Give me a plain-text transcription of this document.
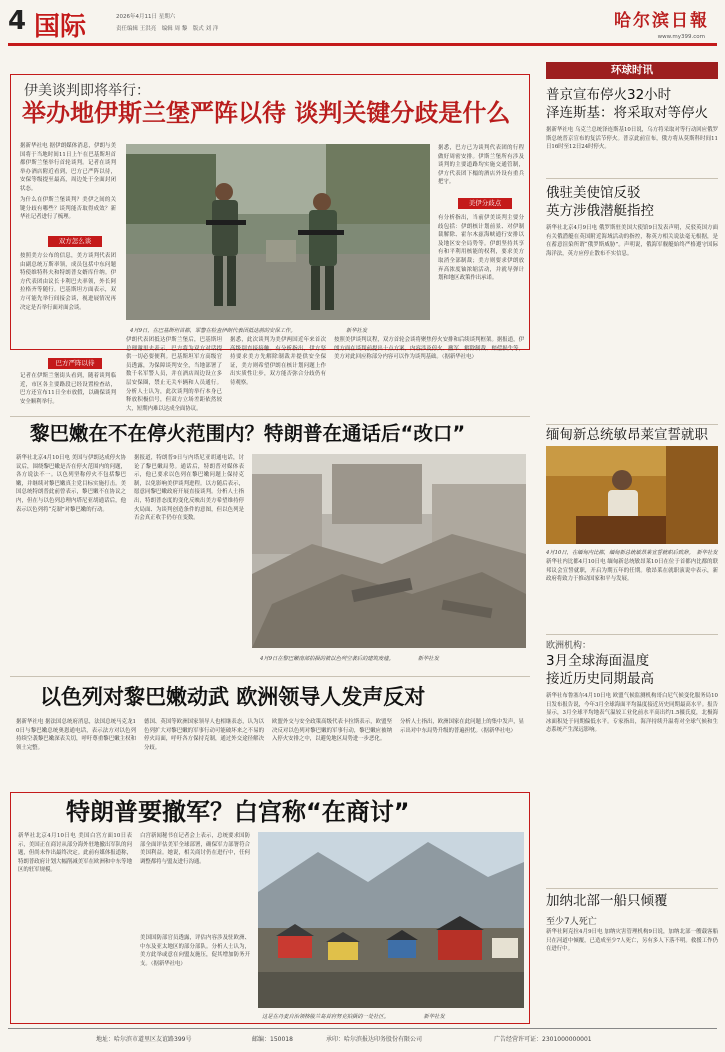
4 国际	2026年4月11日 星期六
责任编辑 王洪亮　编辑 周 黎　版式 刘 洋	哈尔滨日報
www.my399.com
伊美谈判即将举行：
举办地伊斯兰堡严阵以待 谈判关键分歧是什么
据新华社电 据伊朗媒体消息，伊朗与美国将于当地时间11日上午在巴基斯坦首都伊斯兰堡举行首轮谈判。记者在谈判举办酒店附近看到，巴方已严阵以待，安保等级提至最高，周边处于全面封闭状态。
为什么在伊斯兰堡谈判？美伊之间的关键分歧有哪些？谈判能否取得成效？新华社记者进行了梳理。
双方怎么谈
按照美方公布的信息，美方谈判代表团由副总统万斯率领，成员包括中东问题特使维特科夫和特朗普女婿库什纳。伊方代表团由议长卡利巴夫率领，外长阿拉格齐等随行。巴基斯坦方面表示，双方可能先举行间接会谈，视进展情况再决定是否举行面对面会谈。
4月9日，在巴基斯坦首都，军警在检查伊朗代表团抵达前的安保工作。　　　　　　　　　　新华社发
巴方严阵以待
记者在伊斯兰堡街头看到，随着谈判临近，市区各主要路段已经设置检查站，巴方还宣布11日全市放假，以确保谈判安全顺利举行。
伊朗代表团抵达伊斯兰堡后，巴基斯坦总理谢里夫表示，巴方将为双方对话提供一切必要便利。巴基斯坦军方高级官员透露，为保障谈判安全，当地部署了数千名军警人员，并在酒店周边设立多层安保圈，禁止无关车辆和人员通行。分析人士认为，此次谈判的举行本身已释放积极信号，但双方立场差距依然较大，短期内难以达成全面协议。
据悉，此次谈判为美伊两国近年来首次高级别直接接触。有分析指出，伊方坚持要求美方先解除制裁并提供安全保证，美方则希望伊朗在核计划问题上作出实质性让步，双方能否弥合分歧仍有待观察。
据悉，巴方已为谈判代表团的行程做好周密安排。伊斯兰堡所有涉及谈判的主要道路均实施交通管制，伊方代表团下榻的酒店外设有重兵把守。
美伊分歧点
有分析指出，当前伊美谈判主要分歧包括：伊朗核计划前景、对伊制裁解除、霍尔木兹海峡通行安排以及地区安全局势等。伊朗坚持其享有和平利用核能的权利，要求美方取消全部制裁；美方则要求伊朗放弃高浓度铀浓缩活动，并就导弹计划和地区政策作出承诺。
按照美伊谈判议程，双方首轮会谈将聚焦停火安排和后续谈判框架。据报道，伊朗方面在谈判前提出十点方案，内容涉及停火、撤军、解除制裁、赔偿损失等，美方对此回应称部分内容可以作为谈判基础。（据新华社电）
黎巴嫩在不在停火范围内？特朗普在通话后“改口”
新华社北京4月10日电 美国与伊朗达成停火协议后，围绕黎巴嫩是否在停火范围内的问题，各方说法不一。以色列坚称停火不包括黎巴嫩，并继续对黎巴嫩真主党目标实施打击。美国总统特朗普此前曾表示，黎巴嫩不在协议之内，但在与以色列总理内塔尼亚胡通话后，他表示以色列将“克制”对黎巴嫩的行动。
据报道，特朗普9日与内塔尼亚胡通电话，讨论了黎巴嫩局势。通话后，特朗普对媒体表示，他已要求以色列在黎巴嫩问题上保持克制，以免影响美伊谈判进程。以方随后表示，愿意同黎巴嫩政府开展直接谈判。分析人士指出，特朗普态度的变化反映出美方希望维持停火局面、为谈判创造条件的意图，但以色列是否会真正收手仍存在变数。
4月9日在黎巴嫩南部拍摄的被以色列空袭后的建筑废墟。　　　　　新华社发
以色列对黎巴嫩动武 欧洲领导人发声反对
据新华社电 据法国总统府消息，法国总统马克龙10日与黎巴嫩总统奥恩通电话，表示法方对以色列持续空袭黎巴嫩深表关切，呼吁尊重黎巴嫩主权和领土完整。
德国、英国等欧洲国家领导人也相继表态，认为以色列扩大对黎巴嫩的军事行动可能破坏来之不易的停火局面，呼吁各方保持克制，通过外交途径解决分歧。
欧盟外交与安全政策高级代表卡拉斯表示，欧盟坚决反对以色列对黎巴嫩的军事行动，黎巴嫩应被纳入停火安排之中，以避免地区局势进一步恶化。
分析人士指出，欧洲国家在此问题上的集中发声，显示出对中东局势升级的普遍担忧。（据新华社电）
特朗普要撤军？白宫称“在商讨”
新华社北京4月10日电 美国白宫方面10日表示，美国正在商讨从部分海外驻地撤出军队的问题，但尚未作出最终决定。此前有媒体报道称，特朗普政府计划大幅削减美军在欧洲和中东等地区的驻军规模。
白宫新闻秘书在记者会上表示，总统要求国防部全面评估美军全球部署，确保军力部署符合美国利益。她说，相关商讨仍在进行中，任何调整都将与盟友进行沟通。
美国国防部官员透露，评估内容涉及驻欧洲、中东及亚太地区的部分部队。分析人士认为，美方此举或意在向盟友施压，促其增加防务开支。（据新华社电）
这是在丹麦自治领格陵兰岛首府努克拍摄的一处社区。　　　　　　　新华社发
环球时讯
普京宣布停火32小时
泽连斯基：将采取对等停火
据新华社电 乌克兰总统泽连斯基10日说，乌方将采取对等行动回应俄罗斯总统普京宣布的复活节停火。普京此前宣布，俄方将从莫斯科时间11日16时至12日24时停火。
俄驻美使馆反驳
英方涉俄潜艇指控
新华社北京4月9日电 俄罗斯驻美国大使馆9日发表声明，反驳英国方面有关俄潜艇在英国附近海域活动的指控，称英方相关说法毫无根据，是在蓄意渲染所谓“俄罗斯威胁”。声明说，俄海军舰艇始终严格遵守国际海洋法，英方应停止散布不实信息。
缅甸新总统敏昂莱宣誓就职
4月10日，在缅甸内比都，缅甸新总统敏昂莱宣誓就职后致辞。　新华社发
新华社内比都4月10日电 缅甸新总统敏昂莱10日在位于首都内比都的联邦议会宣誓就职，开启为期五年的任期。敏昂莱在就职演说中表示，新政府将致力于推动国家和平与发展。
欧洲机构：
3月全球海面温度
接近历史同期最高
新华社布鲁塞尔4月10日电 欧盟气候监测机构哥白尼气候变化服务局10日发布报告说，今年3月全球海面平均温度接近历史同期最高水平。报告显示，3月全球平均地表气温较工业化前水平高出约1.5摄氏度，北极海冰面积处于同期偏低水平。专家指出，海洋持续升温将对全球气候和生态系统产生深远影响。
加纳北部一船只倾覆
至少7人死亡
新华社阿克拉4月9日电 加纳灾害管理机构9日说，加纳北部一艘载客船只在河道中倾覆，已造成至少7人死亡，另有多人下落不明。救援工作仍在进行中。
地址：哈尔滨市道里区友谊路399号	邮编：150018	承印：哈尔滨报达印务股份有限公司	广告经营许可证：2301000000001
